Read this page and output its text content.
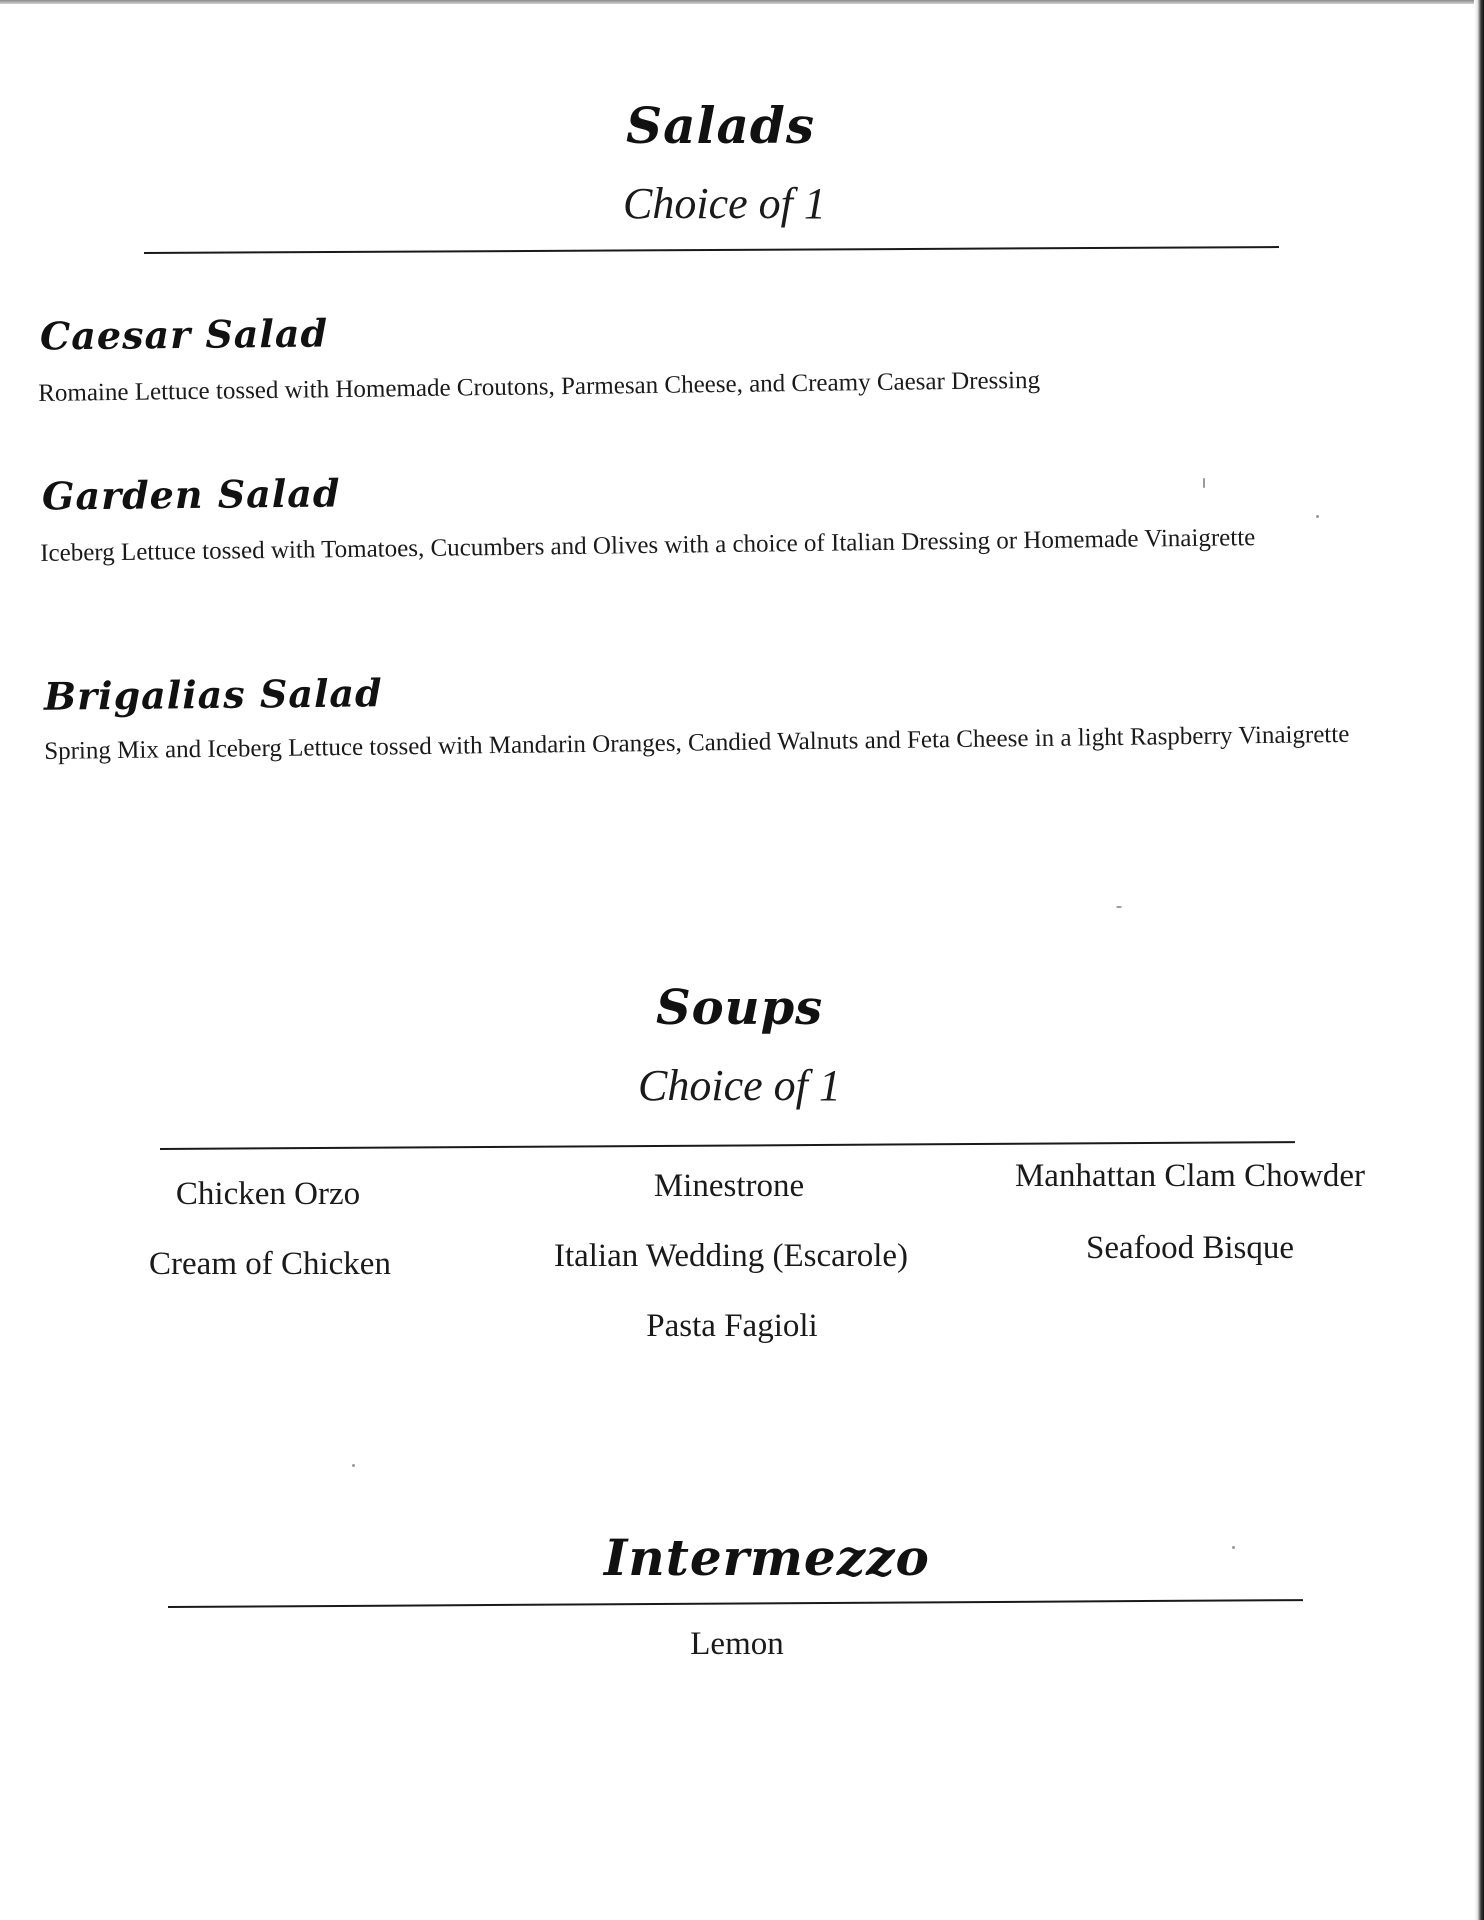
Salads
Choice of 1
Caesar Salad
Romaine Lettuce tossed with Homemade Croutons, Parmesan Cheese, and Creamy Caesar Dressing
Garden Salad
Iceberg Lettuce tossed with Tomatoes, Cucumbers and Olives with a choice of Italian Dressing or Homemade Vinaigrette
Brigalias Salad
Spring Mix and Iceberg Lettuce tossed with Mandarin Oranges, Candied Walnuts and Feta Cheese in a light Raspberry Vinaigrette
Soups
Choice of 1
Chicken Orzo
Cream of Chicken
Minestrone
Italian Wedding (Escarole)
Pasta Fagioli
Manhattan Clam Chowder
Seafood Bisque
Intermezzo
Lemon
